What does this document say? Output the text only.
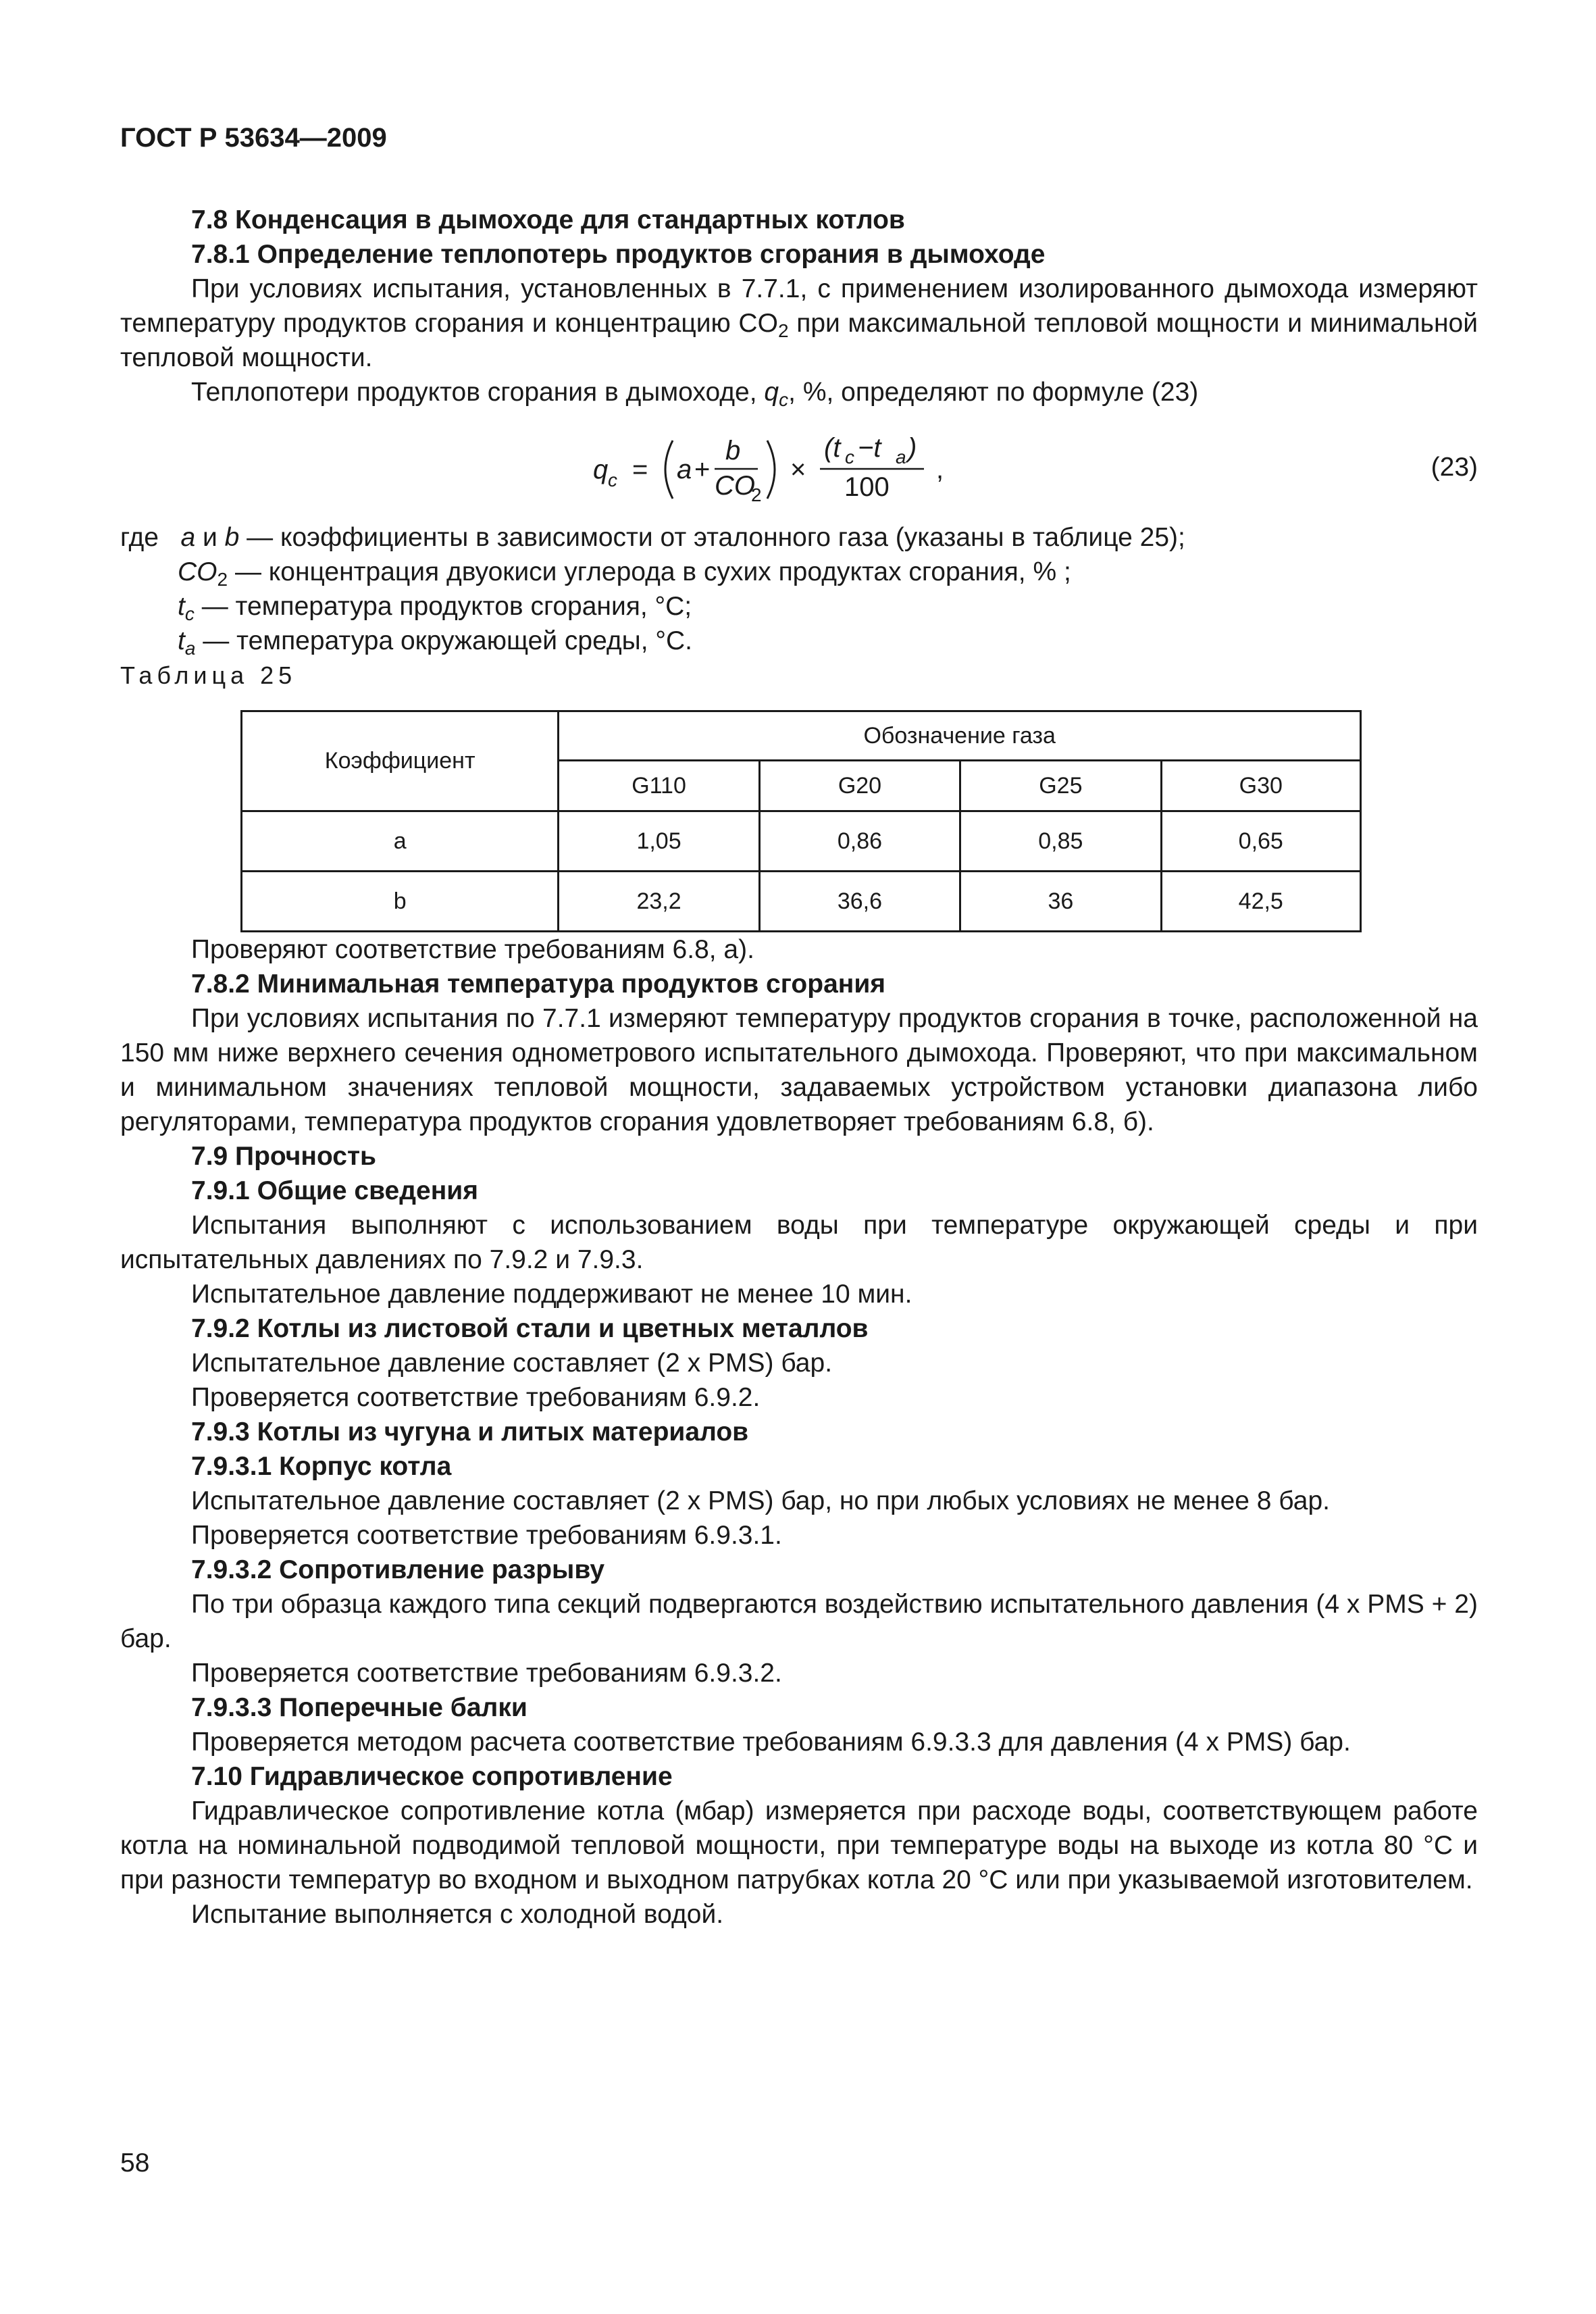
ГОСТ Р 53634—2009

7.8 Конденсация в дымоходе для стандартных котлов

7.8.1 Определение теплопотерь продуктов сгорания в дымоходе

При условиях испытания, установленных в 7.7.1, с применением изолированного дымохода измеряют температуру продуктов сгорания и концентрацию $CO_2$ при максимальной тепловой мощности и минимальной тепловой мощности.

Теплопотери продуктов сгорания в дымоходе, $q_c$, %, определяют по формуле (23)

q c = a +
b
CO
2
×
(t c −t a )
100
,	(23)

где a и b — коэффициенты в зависимости от эталонного газа (указаны в таблице 25);

$CO_2$ — концентрация двуокиси углерода в сухих продуктах сгорания, % ;

$t_c$ — температура продуктов сгорания, °С;

$t_a$ — температура окружающей среды, °С.

Таблица 25

Коэффициент	Обозначение газа			
	G110	G20	G25	G30
a	1,05	0,86	0,85	0,65
b	23,2	36,6	36	42,5

Проверяют соответствие требованиям 6.8, а).

7.8.2 Минимальная температура продуктов сгорания

При условиях испытания по 7.7.1 измеряют температуру продуктов сгорания в точке, расположенной на 150 мм ниже верхнего сечения однометрового испытательного дымохода. Проверяют, что при максимальном и минимальном значениях тепловой мощности, задаваемых устройством установки диапазона либо регуляторами, температура продуктов сгорания удовлетворяет требованиям 6.8, б).

7.9 Прочность

7.9.1 Общие сведения

Испытания выполняют с использованием воды при температуре окружающей среды и при испытательных давлениях по 7.9.2 и 7.9.3.

Испытательное давление поддерживают не менее 10 мин.

7.9.2 Котлы из листовой стали и цветных металлов

Испытательное давление составляет (2 x PMS) бар.

Проверяется соответствие требованиям 6.9.2.

7.9.3 Котлы из чугуна и литых материалов

7.9.3.1 Корпус котла

Испытательное давление составляет (2 x PMS) бар, но при любых условиях не менее 8 бар.

Проверяется соответствие требованиям 6.9.3.1.

7.9.3.2 Сопротивление разрыву

По три образца каждого типа секций подвергаются воздействию испытательного давления (4 x PMS + 2) бар.

Проверяется соответствие требованиям 6.9.3.2.

7.9.3.3 Поперечные балки

Проверяется методом расчета соответствие требованиям 6.9.3.3 для давления (4 x PMS) бар.

7.10 Гидравлическое сопротивление

Гидравлическое сопротивление котла (мбар) измеряется при расходе воды, соответствующем работе котла на номинальной подводимой тепловой мощности, при температуре воды на выходе из котла 80 °С и при разности температур во входном и выходном патрубках котла 20 °С или при указываемой изготовителем.

Испытание выполняется с холодной водой.

58
